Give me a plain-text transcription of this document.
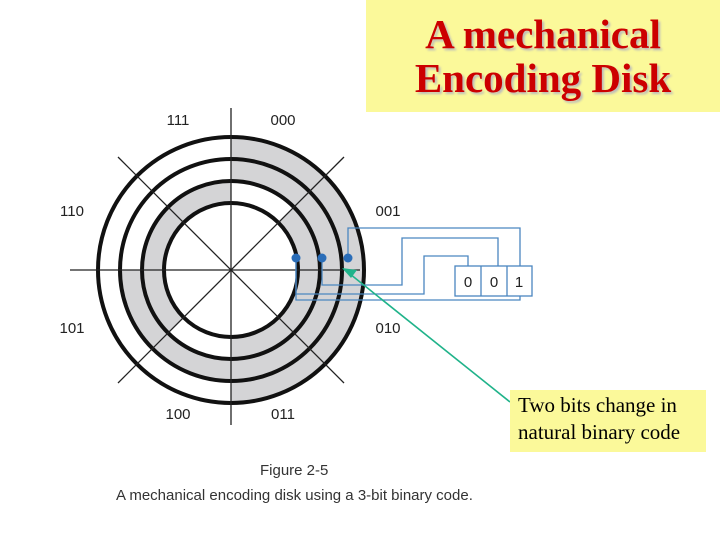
A mechanical
Encoding Disk
0 0 1
111	000
110	001
101	010
100	011	Two bits change in natural binary code
Figure 2-5
A mechanical encoding disk using a 3-bit binary code.
